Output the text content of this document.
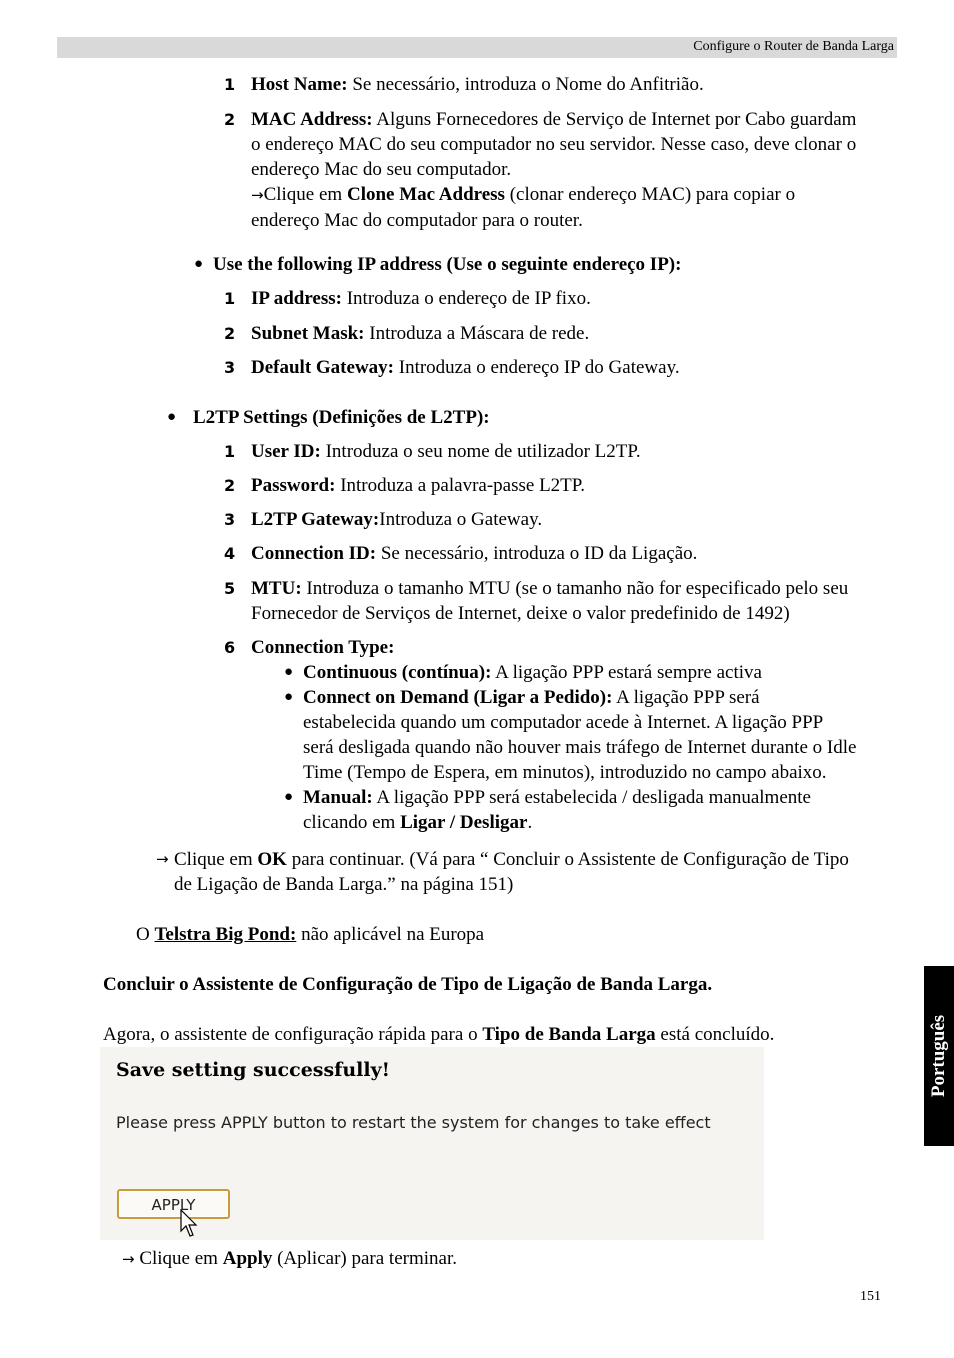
Configure o Router de Banda Larga
Português
1 Host Name: Se necessário, introduza o Nome do Anfitrião.
2 MAC Address: Alguns Fornecedores de Serviço de Internet por Cabo guardam
o endereço MAC do seu computador no seu servidor. Nesse caso, deve clonar o
endereço Mac do seu computador.
→Clique em Clone Mac Address (clonar endereço MAC) para copiar o
endereço Mac do computador para o router.
● Use the following IP address (Use o seguinte endereço IP):
1 IP address: Introduza o endereço de IP fixo.
2 Subnet Mask: Introduza a Máscara de rede.
3 Default Gateway: Introduza o endereço IP do Gateway.
● L2TP Settings (Definições de L2TP):
1 User ID: Introduza o seu nome de utilizador L2TP.
2 Password: Introduza a palavra-passe L2TP.
3 L2TP Gateway:Introduza o Gateway.
4 Connection ID: Se necessário, introduza o ID da Ligação.
5 MTU: Introduza o tamanho MTU (se o tamanho não for especificado pelo seu
Fornecedor de Serviços de Internet, deixe o valor predefinido de 1492)
6 Connection Type:
● Continuous (contínua): A ligação PPP estará sempre activa
● Connect on Demand (Ligar a Pedido): A ligação PPP será
estabelecida quando um computador acede à Internet. A ligação PPP
será desligada quando não houver mais tráfego de Internet durante o Idle
Time (Tempo de Espera, em minutos), introduzido no campo abaixo.
● Manual: A ligação PPP será estabelecida / desligada manualmente
clicando em Ligar / Desligar.
→ Clique em OK para continuar. (Vá para “ Concluir o Assistente de Configuração de Tipo
de Ligação de Banda Larga.” na página 151)
O Telstra Big Pond: não aplicável na Europa
Concluir o Assistente de Configuração de Tipo de Ligação de Banda Larga.
Agora, o assistente de configuração rápida para o Tipo de Banda Larga está concluído.
Save setting successfully!
Please press APPLY button to restart the system for changes to take effect
APPLY
→ Clique em Apply (Aplicar) para terminar.
151
